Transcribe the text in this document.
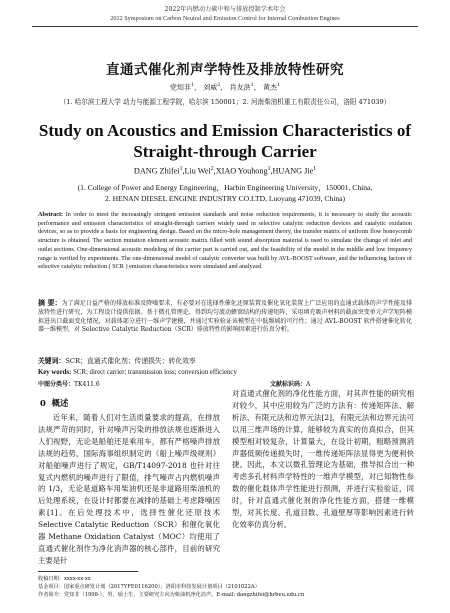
2022年内燃动力碳中和与排放控制学术年会
2022 Symposium on Carbon Neutral and Emission Control for Internal Combustion Engines
直通式催化剂声学特性及排放特性研究
党知非$^1$， 刘威$^2$， 肖友洪$^1$， 黄杰$^1$
（1. 哈尔滨工程大学 动力与能源工程学院，哈尔滨 150001；2. 河南柴油机重工有限责任公司，洛阳 471039）
Study on Acoustics and Emission Characteristics of
Straight-through Carrier
DANG Zhifei$^1$,Liu Wei$^2$,XIAO Youhong$^1$,HUANG Jie$^1$
(1. College of Power and Energy Engineering，Harbin Engineering University，150001, China,
2. HENAN DIESEL ENGINE INDUSTRY CO.LTD, Luoyang 471039, China)
Abstract: In order to meet the increasingly stringent emission standards and noise reduction requirements, it is necessary to study the acoustic performance and emission characteristics of straight-through carriers widely used in selective catalytic reduction devices and catalytic oxidation devices, so as to provide a basis for engineering design. Based on the micro-hole management theory, the transfer matrix of uniform flow honeycomb structure is obtained. The section mutation element acoustic matrix filled with sound absorption material is used to simulate the change of inlet and outlet sections. One-dimensional acoustic modeling of the carrier part is carried out, and the feasibility of the model in the middle and low frequency range is verified by experiments. The one-dimensional model of catalytic converter was built by AVL-BOOST software, and the influencing factors of selective catalytic reduction ( SCR ) emission characteristics were simulated and analyzed.
摘 要：为了满足日益严格的排放标准及降噪要求，有必要对在选择性催化还原装置及催化氧化装置上广泛应用的直通式载体的声学性能及排放特性进行研究，为工程设计提供依据。基于微孔管理论，得到均匀流动蜂窝结构的传递矩阵，采用填充吸声材料的截面突变单元声学矩阵模拟进出口截面变化情况，对载体部分进行一维声学建模，并通过实验验证该模型在中低频域的可行性；通过 AVL-BOOST 软件搭建催化转化器一维模型，对 Selective Catalytic Reduction（SCR）排放特性的影响因素进行仿真分析。
关键词：SCR；直通式催化剂；传递损失；转化效率
Key words: SCR; direct carrier; transmission loss; conversion efficiency
中图分类号：TK411.6	文献标识码：A
0 概述
近年来，随着人们对生活质量要求的提高，在排放法规严苛的同时，针对噪声污染的排放法规也逐渐进入人们视野，无论是船舶还是乘用车，都有严格噪声排放法规的趋势，国际海事组织制定的《船上噪声级规则》对船舶噪声进行了规定，GB/T14097-2018 也针对往复式内燃机的噪声进行了限值，排气噪声占内燃机噪声的 1/3，无论是道路车用柴油机还是非道路用柴油机的后处理系统，在设计时都要在减排的基础上考虑降噪因素[1]。在后处理技术中，选择性催化还原技术 Selective Catalytic Reduction（SCR）和催化氧化器 Methane Oxidation Catalyst（MOC）均使用了直通式催化剂作为净化消声器的核心部件，目前的研究主要是针
对直通式催化剂的净化性能方面，对其声性能的研究相对较少，其中应用较为广泛的方法有：传递矩阵法、解析法、有限元法和边界元法[2]，有限元法和边界元法可以用三维声场的计算，能够较为真实的仿真拟合，但其模型相对较复杂，计算量大，在设计初期，粗略预测消声器低频传递损失时，一维传递矩阵法显得更为便利快捷。因此，本文以微孔管理论为基础，推导拟合出一种考虑多孔材料声学特性的一维声学模型，对已知物性参数的催化载体声学性能进行预测，并进行实验验证，同时，针对直通式催化剂的净化性能方面，搭建一维模型，对其长度、孔道目数、孔道壁厚等影响因素进行转化效率仿真分析。
收稿日期：xxxx-xx-xx
基金项目：国家重点研发计划（2017YFE0116200）；洛阳市科技发展计划项目（2101022A）
作者简介：党知非（1998-），男，硕士生，主要研究方向为柴油机净化消声。E-mail: dangzhifei@hrbeu.edu.cn
